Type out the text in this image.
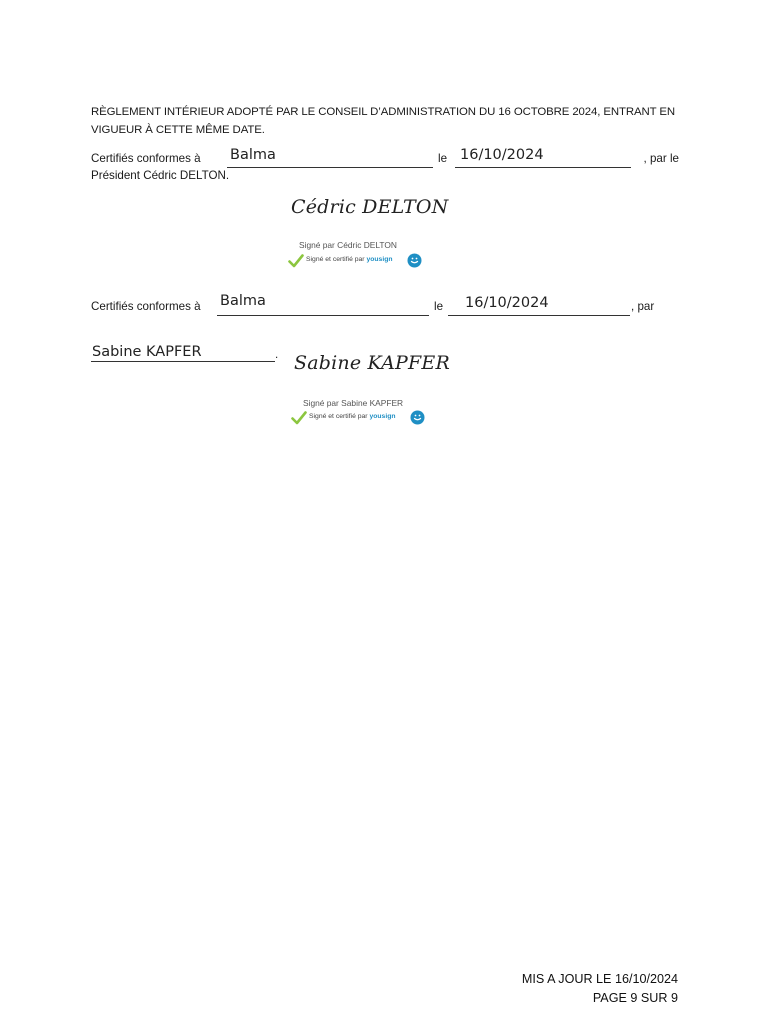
RÈGLEMENT INTÉRIEUR ADOPTÉ PAR LE CONSEIL D’ADMINISTRATION DU 16 OCTOBRE 2024, ENTRANT EN VIGUEUR À CETTE MÊME DATE.
Certifiés conformes à Balma	le 16/10/2024	, par le
Président Cédric DELTON.
Cédric DELTON
Signé par Cédric DELTON
Signé et certifié par yousign
Certifiés conformes à Balma	le 16/10/2024	, par
Sabine KAPFER	. Sabine KAPFER
Signé par Sabine KAPFER
Signé et certifié par yousign
MIS A JOUR LE 16/10/2024
PAGE 9 SUR 9
